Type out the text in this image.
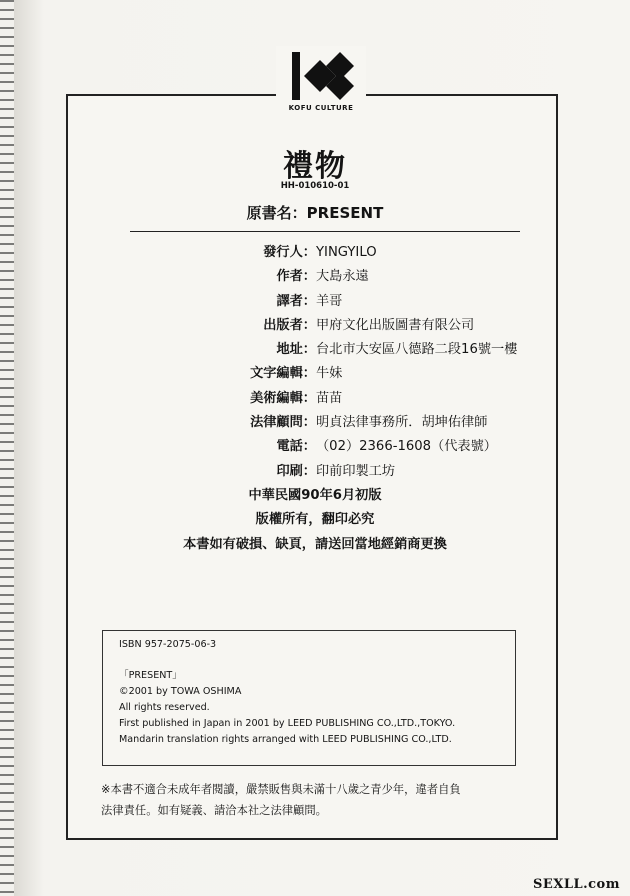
KOFU CULTURE
禮物
HH-010610-01
原書名：PRESENT
發行人：YINGYILO
作者：大島永遠
譯者：羊哥
出版者：甲府文化出版圖書有限公司
地址：台北市大安區八德路二段16號一樓
文字編輯：牛妹
美術編輯：苗苗
法律顧問：明貞法律事務所．胡坤佑律師
電話：（02）2366-1608（代表號）
印刷：印前印製工坊
中華民國90年6月初版
版權所有，翻印必究
本書如有破損、缺頁，請送回當地經銷商更換
ISBN 957-2075-06-3
「PRESENT」
©2001 by TOWA OSHIMA
All rights reserved.
First published in Japan in 2001 by LEED PUBLISHING CO.,LTD.,TOKYO.
Mandarin translation rights arranged with LEED PUBLISHING CO.,LTD.
※本書不適合未成年者閱讀，嚴禁販售與未滿十八歲之青少年，違者自負
法律責任。如有疑義、請洽本社之法律顧問。
SEXLL.com
